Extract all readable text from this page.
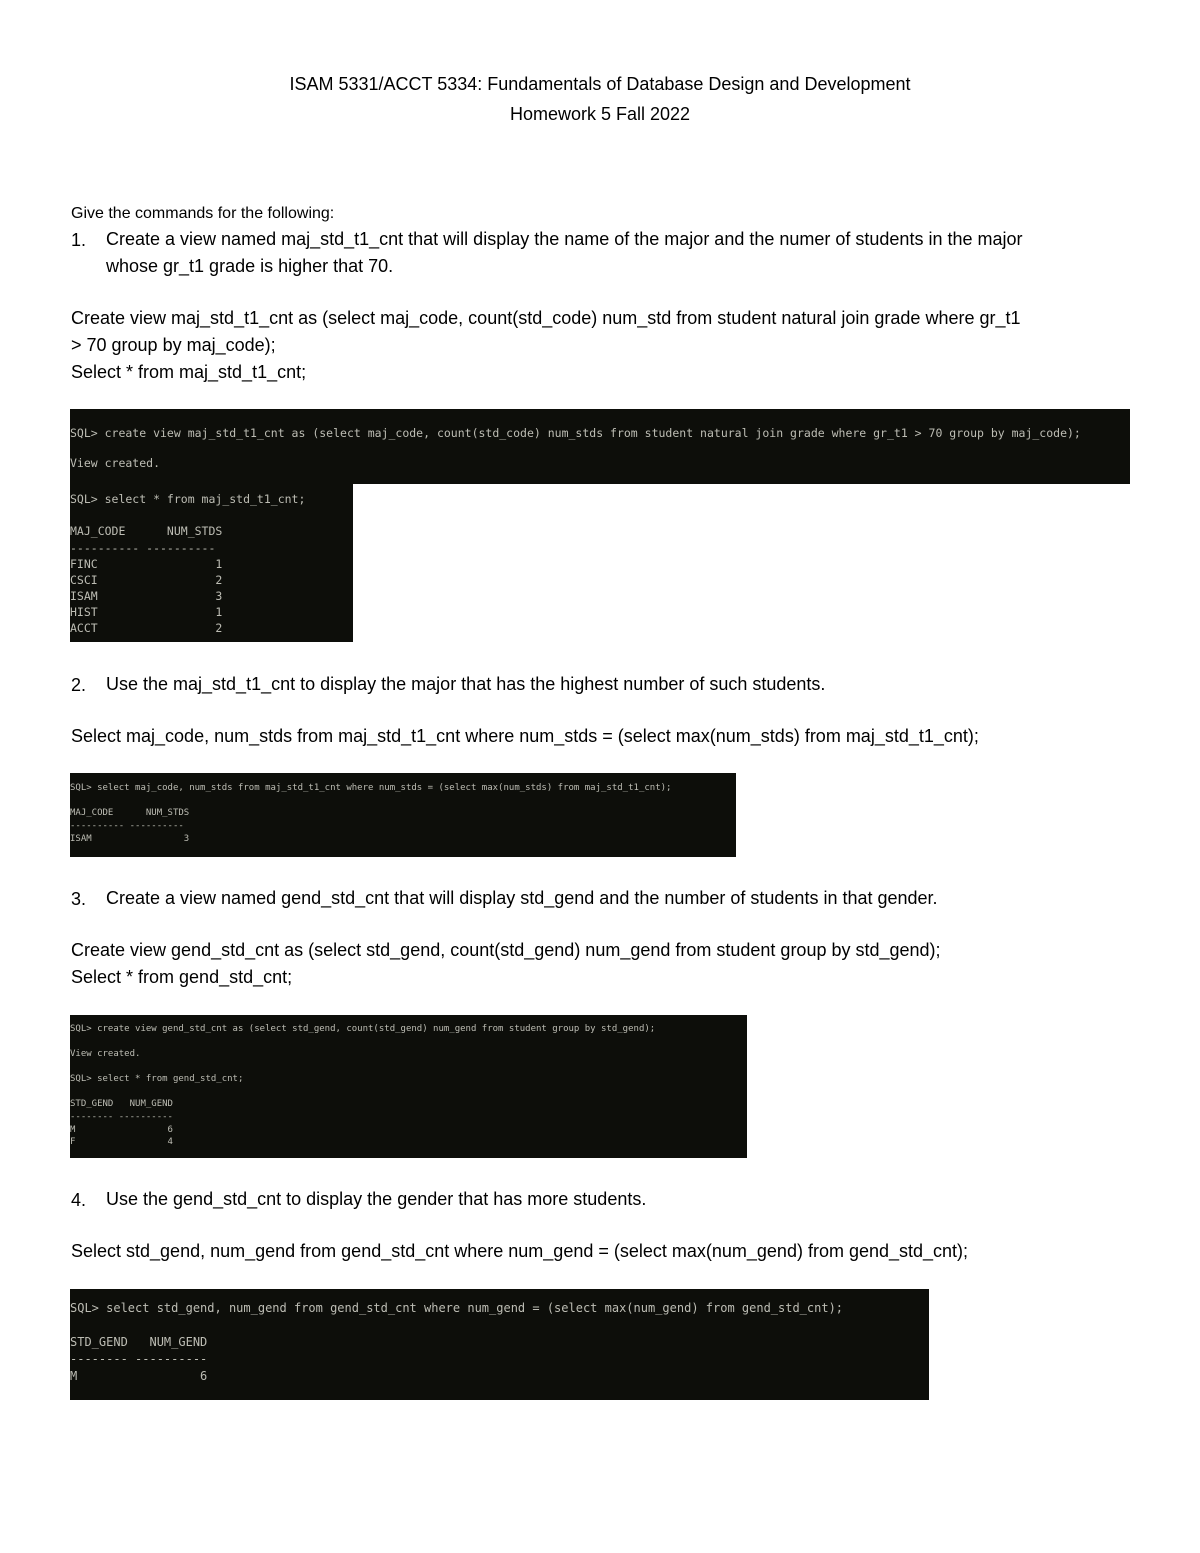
ISAM 5331/ACCT 5334: Fundamentals of Database Design and Development
Homework 5 Fall 2022
Give the commands for the following:
1. Create a view named maj_std_t1_cnt that will display the name of the major and the numer of students in the major
whose gr_t1 grade is higher that 70.
Create view maj_std_t1_cnt as (select maj_code, count(std_code) num_std from student natural join grade where gr_t1
> 70 group by maj_code);
Select * from maj_std_t1_cnt;

SQL> create view maj_std_t1_cnt as (select maj_code, count(std_code) num_stds from student natural join grade where gr_t1 > 70 group by maj_code);

View created.

SQL> select * from maj_std_t1_cnt;

MAJ_CODE      NUM_STDS

---------- ----------

FINC                 1

CSCI                 2

ISAM                 3

HIST                 1

ACCT                 2

2. Use the maj_std_t1_cnt to display the major that has the highest number of such students.
Select maj_code, num_stds from maj_std_t1_cnt where num_stds = (select max(num_stds) from maj_std_t1_cnt);

SQL> select maj_code, num_stds from maj_std_t1_cnt where num_stds = (select max(num_stds) from maj_std_t1_cnt);

MAJ_CODE      NUM_STDS

---------- ----------

ISAM                 3

3. Create a view named gend_std_cnt that will display std_gend and the number of students in that gender.
Create view gend_std_cnt as (select std_gend, count(std_gend) num_gend from student group by std_gend);
Select * from gend_std_cnt;

SQL> create view gend_std_cnt as (select std_gend, count(std_gend) num_gend from student group by std_gend);

View created.

SQL> select * from gend_std_cnt;

STD_GEND   NUM_GEND

-------- ----------

M                 6

F                 4

4. Use the gend_std_cnt to display the gender that has more students.
Select std_gend, num_gend from gend_std_cnt where num_gend = (select max(num_gend) from gend_std_cnt);

SQL> select std_gend, num_gend from gend_std_cnt where num_gend = (select max(num_gend) from gend_std_cnt);

STD_GEND   NUM_GEND

-------- ----------

M                 6
